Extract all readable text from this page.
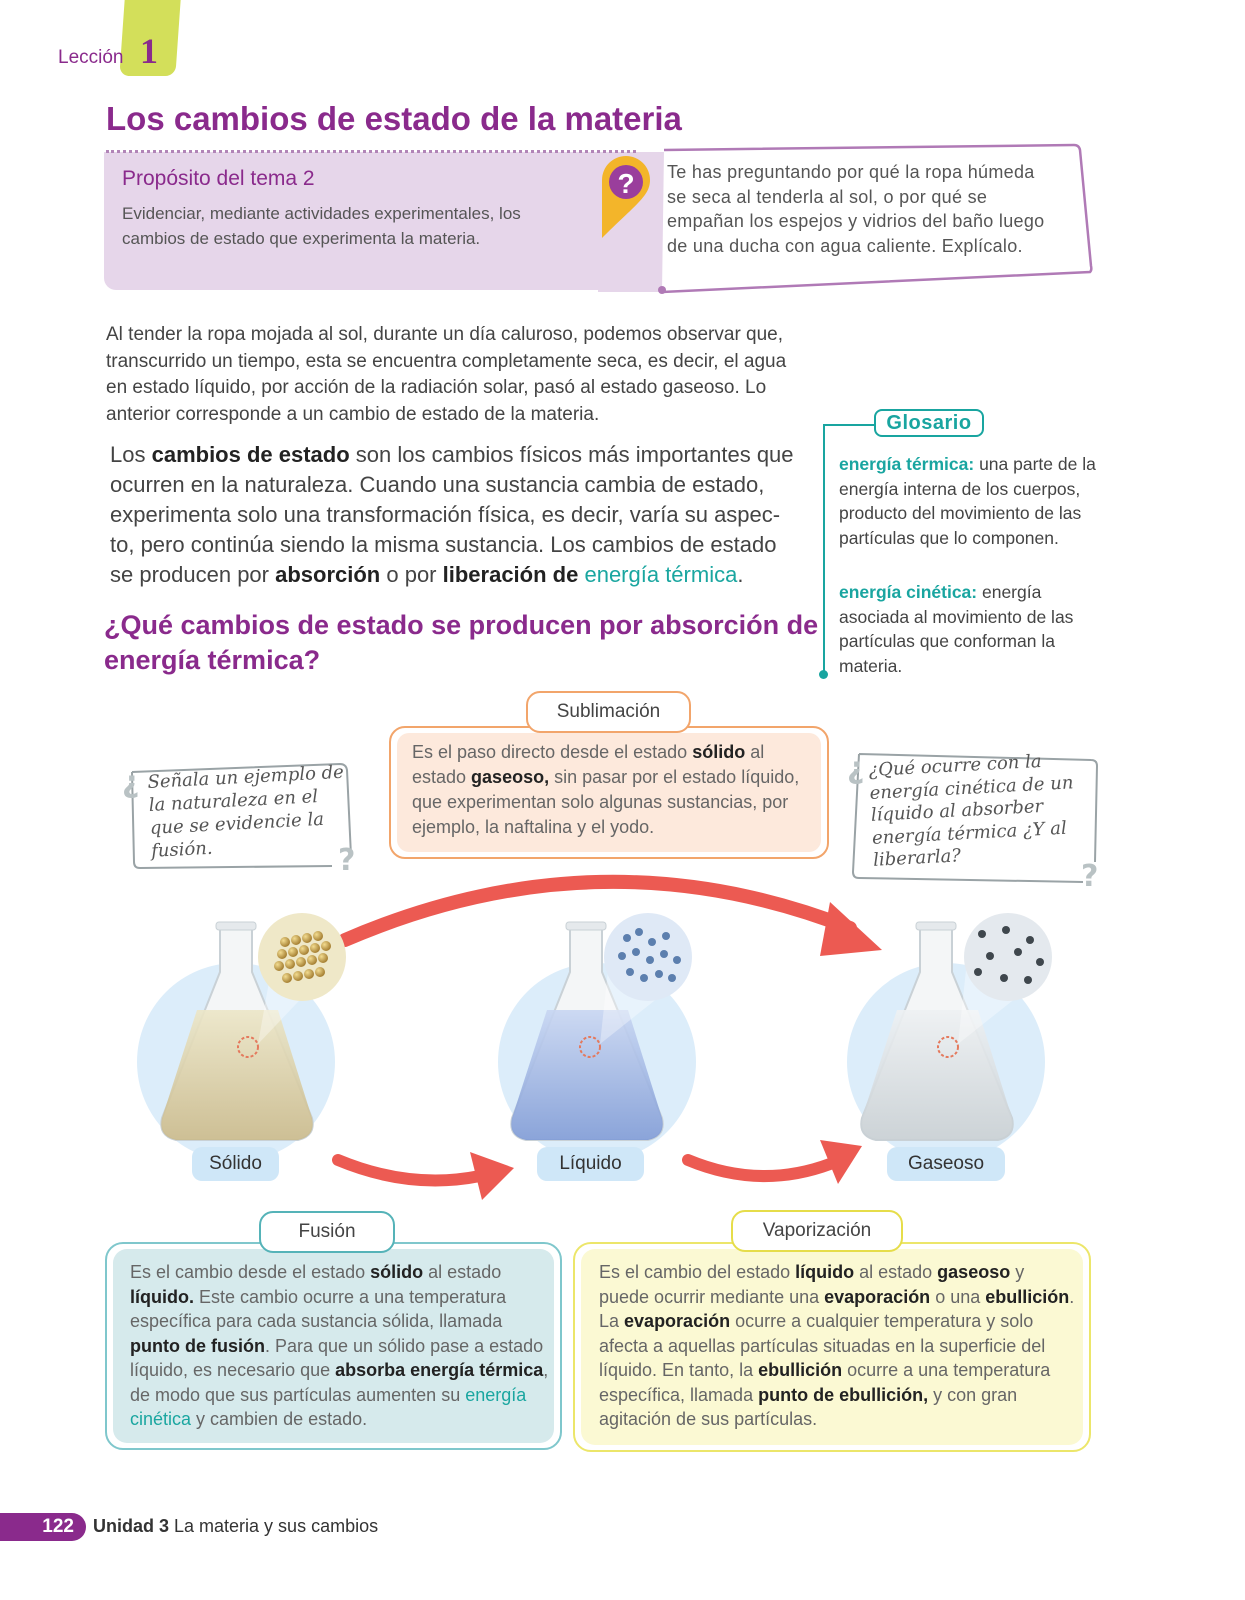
Lección 1
Los cambios de estado de la materia
Propósito del tema 2
Evidenciar, mediante actividades experimentales, los cambios de estado que experimenta la materia.
? Te has preguntando por qué la ropa húmeda se seca al tenderla al sol, o por qué se empañan los espejos y vidrios del baño luego de una ducha con agua caliente. Explícalo.

Al tender la ropa mojada al sol, durante un día caluroso, podemos observar que, transcurrido un tiempo, esta se encuentra completamente seca, es decir, el agua en estado líquido, por acción de la radiación solar, pasó al estado gaseoso. Lo anterior corresponde a un cambio de estado de la materia.

Los cambios de estado son los cambios físicos más importantes que ocurren en la naturaleza. Cuando una sustancia cambia de estado, experimenta solo una transformación física, es decir, varía su aspec-to, pero continúa siendo la misma sustancia. Los cambios de estado se producen por absorción o por liberación de energía térmica.

¿Qué cambios de estado se producen por absorción de energía térmica?
Glosario
energía térmica: una parte de la energía interna de los cuerpos, producto del movimiento de las partículas que lo componen.
energía cinética: energía asociada al movimiento de las partículas que conforman la materia.
Sublimación
Es el paso directo desde el estado sólido al estado gaseoso, sin pasar por el estado líquido, que experimentan solo algunas sustancias, por ejemplo, la naftalina y el yodo.
¿
?
Señala un ejemplo de la naturaleza en el que se evidencie la fusión.
¿
?
¿Qué ocurre con la energía cinética de un líquido al absorber energía térmica ¿Y al liberarla?
Sólido	Líquido	Gaseoso
Fusión
Es el cambio desde el estado sólido al estado líquido. Este cambio ocurre a una temperatura específica para cada sustancia sólida, llamada punto de fusión. Para que un sólido pase a estado líquido, es necesario que absorba energía térmica, de modo que sus partículas aumenten su energía cinética y cambien de estado.
Vaporización
Es el cambio del estado líquido al estado gaseoso y puede ocurrir mediante una evaporación o una ebullición. La evaporación ocurre a cualquier temperatura y solo afecta a aquellas partículas situadas en la superficie del líquido. En tanto, la ebullición ocurre a una temperatura específica, llamada punto de ebullición, y con gran agitación de sus partículas.
122	Unidad 3 La materia y sus cambios
